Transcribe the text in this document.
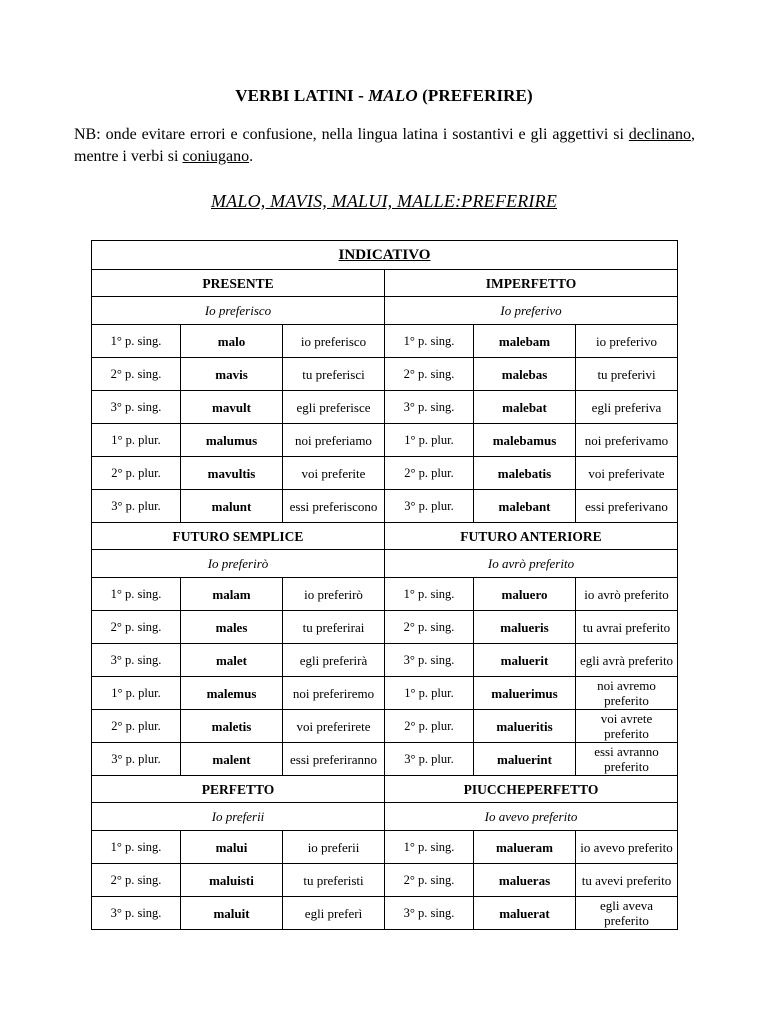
VERBI LATINI - MALO (PREFERIRE)
NB: onde evitare errori e confusione, nella lingua latina i sostantivi e gli aggettivi si declinano, mentre i verbi si coniugano.
MALO, MAVIS, MALUI, MALLE:PREFERIRE
INDICATIVO					
PRESENTE			IMPERFETTO		
Io preferisco			Io preferivo		
1° p. sing.	malo	io preferisco	1° p. sing.	malebam	io preferivo
2° p. sing.	mavis	tu preferisci	2° p. sing.	malebas	tu preferivi
3° p. sing.	mavult	egli preferisce	3° p. sing.	malebat	egli preferiva
1° p. plur.	malumus	noi preferiamo	1° p. plur.	malebamus	noi preferivamo
2° p. plur.	mavultis	voi preferite	2° p. plur.	malebatis	voi preferivate
3° p. plur.	malunt	essi preferiscono	3° p. plur.	malebant	essi preferivano
FUTURO SEMPLICE			FUTURO ANTERIORE		
Io preferirò			Io avrò preferito		
1° p. sing.	malam	io preferirò	1° p. sing.	maluero	io avrò preferito
2° p. sing.	males	tu preferirai	2° p. sing.	malueris	tu avrai preferito
3° p. sing.	malet	egli preferirà	3° p. sing.	maluerit	egli avrà preferito
1° p. plur.	malemus	noi preferiremo	1° p. plur.	maluerimus	noi avremo preferito
2° p. plur.	maletis	voi preferirete	2° p. plur.	malueritis	voi avrete preferito
3° p. plur.	malent	essi preferiranno	3° p. plur.	maluerint	essi avranno preferito
PERFETTO			PIUCCHEPERFETTO		
Io preferii			Io avevo preferito		
1° p. sing.	malui	io preferii	1° p. sing.	malueram	io avevo preferito
2° p. sing.	maluisti	tu preferisti	2° p. sing.	malueras	tu avevi preferito
3° p. sing.	maluit	egli preferì	3° p. sing.	maluerat	egli aveva preferito
